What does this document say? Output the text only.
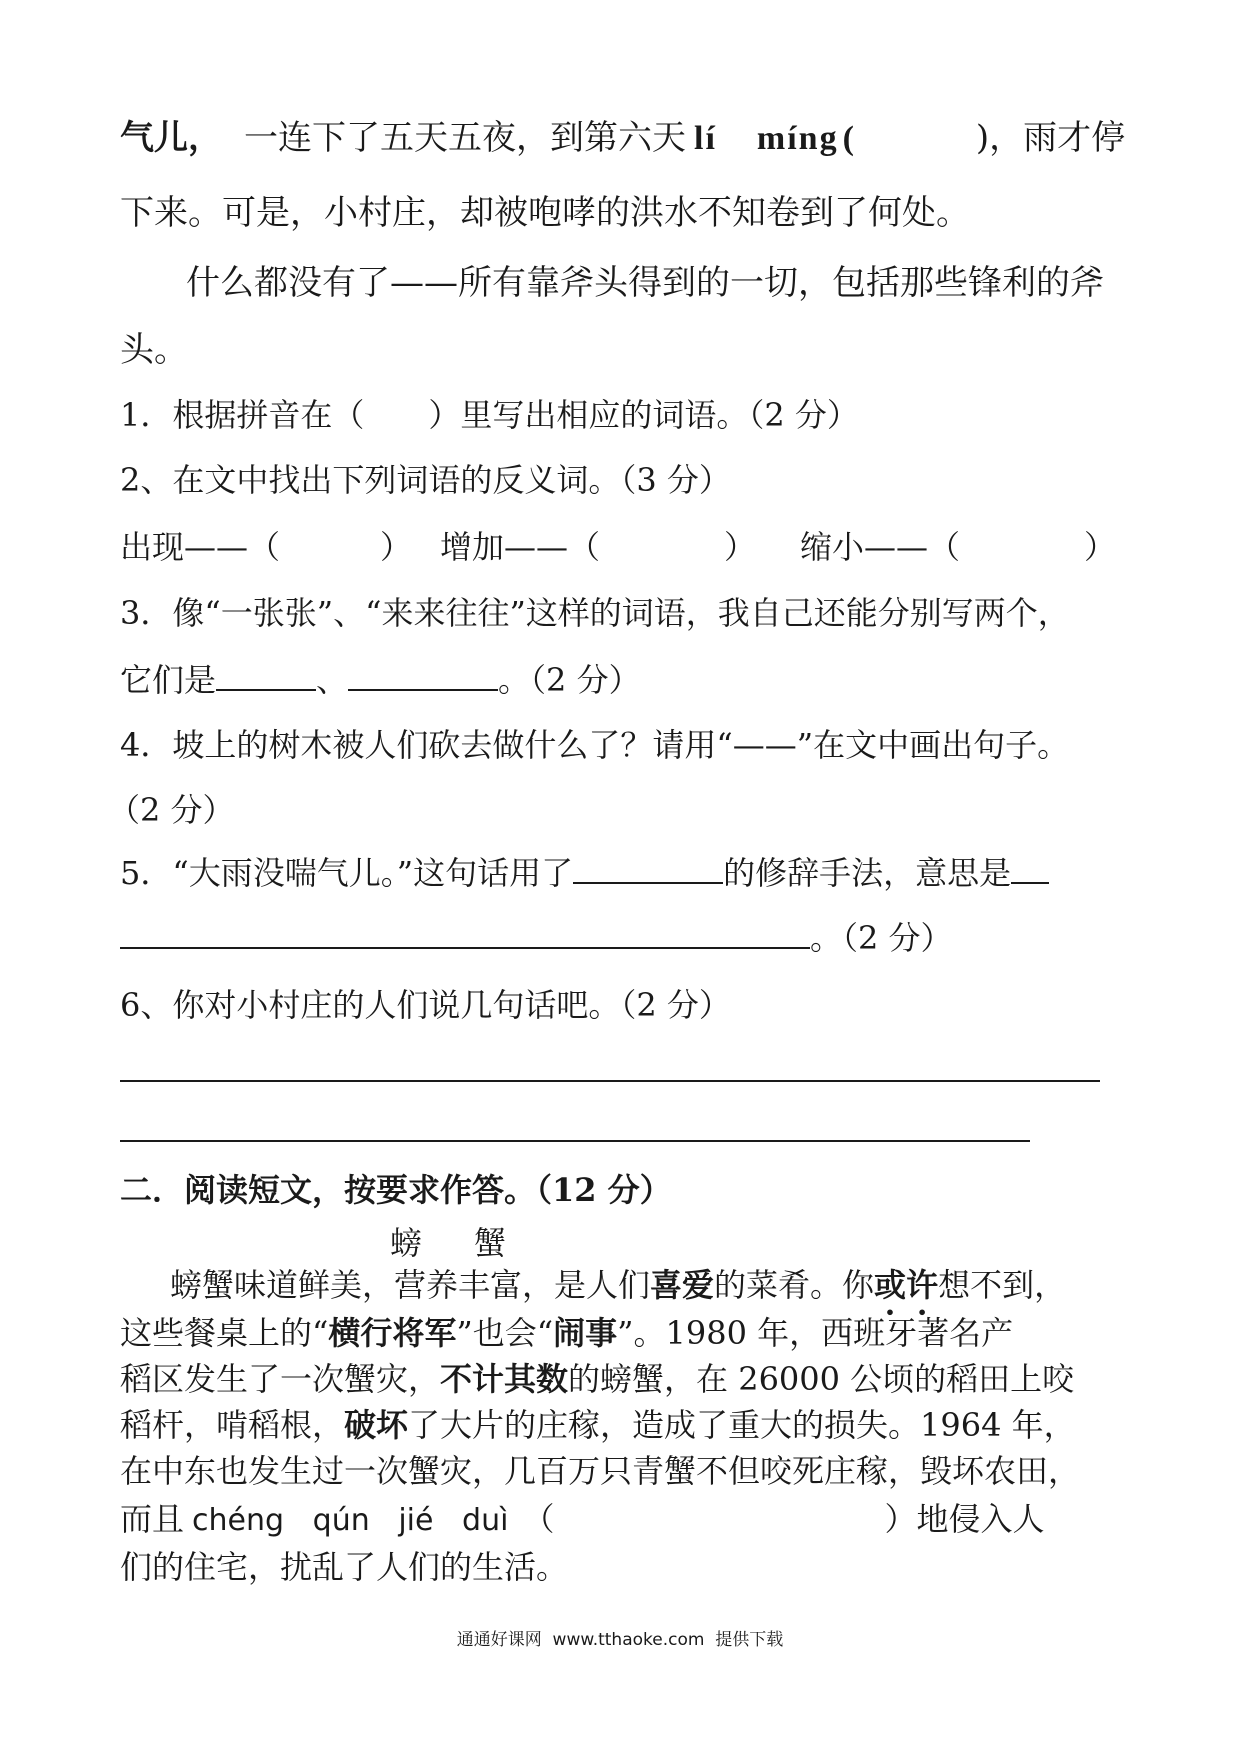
气儿， 一连下了五天五夜，到第六天 lí míng (	)，雨才停
下来。可是，小村庄，却被咆哮的洪水不知卷到了何处。
什么都没有了——所有靠斧头得到的一切，包括那些锋利的斧
头。
1．根据拼音在（　　）里写出相应的词语。（2 分）
2、在文中找出下列词语的反义词。（3 分）
出现——（	） 增加——（	） 缩小——（	）
3．像“一张张”、“来来往往”这样的词语，我自己还能分别写两个，
它们是	、	。（2 分）
4．坡上的树木被人们砍去做什么了？请用“——”在文中画出句子。
（2 分）
5．“大雨没喘气儿。”这句话用了	的修辞手法，意思是
。（2 分）
6、你对小村庄的人们说几句话吧。（2 分）
二．阅读短文，按要求作答。（12 分）
螃 蟹
螃蟹味道鲜美，营养丰富，是人们喜爱的菜肴。你或许想不到，
这些餐桌上的“横行将军”也会“闹事”。1980 年，西班牙著名产
稻区发生了一次蟹灾，不计其数的螃蟹，在 26000 公顷的稻田上咬
稻杆，啃稻根，破坏了大片的庄稼，造成了重大的损失。1964 年，
在中东也发生过一次蟹灾，几百万只青蟹不但咬死庄稼，毁坏农田，
而且 chéng   qún   jié   duì （	）地侵入人
们的住宅，扰乱了人们的生活。
通通好课网  www.tthaoke.com  提供下载
